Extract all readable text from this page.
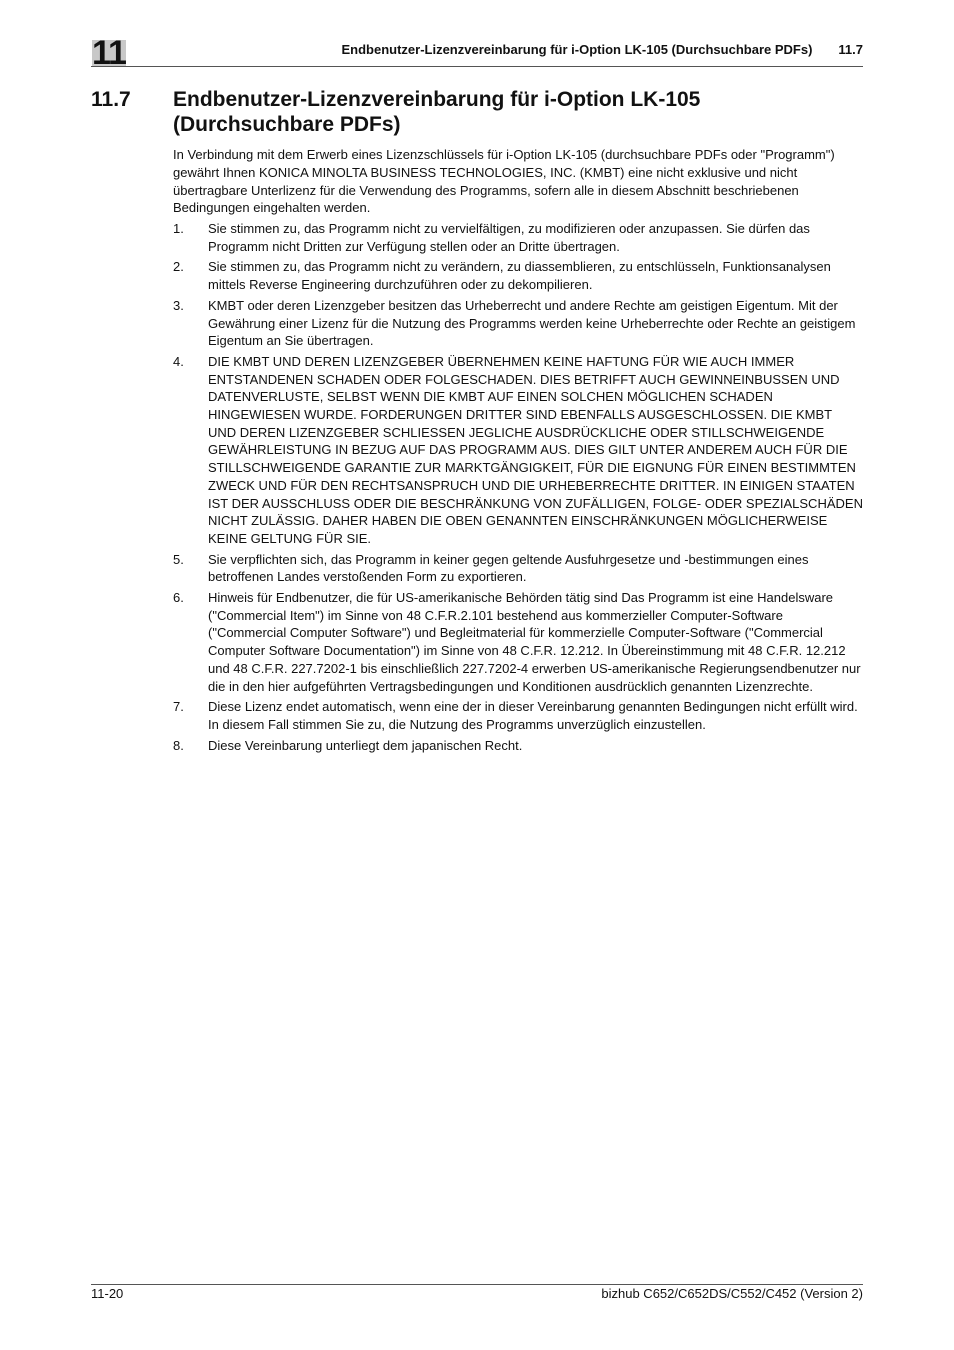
11	Endbenutzer-Lizenzvereinbarung für i-Option LK-105 (Durchsuchbare PDFs) 11.7
11.7 Endbenutzer-Lizenzvereinbarung für i-Option LK-105
(Durchsuchbare PDFs)
In Verbindung mit dem Erwerb eines Lizenzschlüssels für i-Option LK-105 (durchsuchbare PDFs oder "Programm") gewährt Ihnen KONICA MINOLTA BUSINESS TECHNOLOGIES, INC. (KMBT) eine nicht exklusive und nicht übertragbare Unterlizenz für die Verwendung des Programms, sofern alle in diesem Abschnitt beschriebenen Bedingungen eingehalten werden.
1. Sie stimmen zu, das Programm nicht zu vervielfältigen, zu modifizieren oder anzupassen. Sie dürfen das Programm nicht Dritten zur Verfügung stellen oder an Dritte übertragen.
2. Sie stimmen zu, das Programm nicht zu verändern, zu diassemblieren, zu entschlüsseln, Funktionsanalysen mittels Reverse Engineering durchzuführen oder zu dekompilieren.
3. KMBT oder deren Lizenzgeber besitzen das Urheberrecht und andere Rechte am geistigen Eigentum. Mit der Gewährung einer Lizenz für die Nutzung des Programms werden keine Urheberrechte oder Rechte an geistigem Eigentum an Sie übertragen.
4. DIE KMBT UND DEREN LIZENZGEBER ÜBERNEHMEN KEINE HAFTUNG FÜR WIE AUCH IMMER ENTSTANDENEN SCHADEN ODER FOLGESCHADEN. DIES BETRIFFT AUCH GEWINNEINBUSSEN UND DATENVERLUSTE, SELBST WENN DIE KMBT AUF EINEN SOLCHEN MÖGLICHEN SCHADEN HINGEWIESEN WURDE. FORDERUNGEN DRITTER SIND EBENFALLS AUSGESCHLOSSEN. DIE KMBT UND DEREN LIZENZGEBER SCHLIESSEN JEGLICHE AUSDRÜCKLICHE ODER STILLSCHWEIGENDE GEWÄHRLEISTUNG IN BEZUG AUF DAS PROGRAMM AUS. DIES GILT UNTER ANDEREM AUCH FÜR DIE STILLSCHWEIGENDE GARANTIE ZUR MARKTGÄNGIGKEIT, FÜR DIE EIGNUNG FÜR EINEN BESTIMMTEN ZWECK UND FÜR DEN RECHTSANSPRUCH UND DIE URHEBERRECHTE DRITTER. IN EINIGEN STAATEN IST DER AUSSCHLUSS ODER DIE BESCHRÄNKUNG VON ZUFÄLLIGEN, FOLGE- ODER SPEZIALSCHÄDEN NICHT ZULÄSSIG. DAHER HABEN DIE OBEN GENANNTEN EINSCHRÄNKUNGEN MÖGLICHERWEISE KEINE GELTUNG FÜR SIE.
5. Sie verpflichten sich, das Programm in keiner gegen geltende Ausfuhrgesetze und -bestimmungen eines betroffenen Landes verstoßenden Form zu exportieren.
6. Hinweis für Endbenutzer, die für US-amerikanische Behörden tätig sind Das Programm ist eine Handelsware ("Commercial Item") im Sinne von 48 C.F.R.2.101 bestehend aus kommerzieller Computer-Software ("Commercial Computer Software") und Begleitmaterial für kommerzielle Computer-Software ("Commercial Computer Software Documentation") im Sinne von 48 C.F.R. 12.212. In Übereinstimmung mit 48 C.F.R. 12.212 und 48 C.F.R. 227.7202-1 bis einschließlich 227.7202-4 erwerben US-amerikanische Regierungsendbenutzer nur die in den hier aufgeführten Vertragsbedingungen und Konditionen ausdrücklich genannten Lizenzrechte.
7. Diese Lizenz endet automatisch, wenn eine der in dieser Vereinbarung genannten Bedingungen nicht erfüllt wird. In diesem Fall stimmen Sie zu, die Nutzung des Programms unverzüglich einzustellen.
8. Diese Vereinbarung unterliegt dem japanischen Recht.
11-20	bizhub C652/C652DS/C552/C452 (Version 2)
